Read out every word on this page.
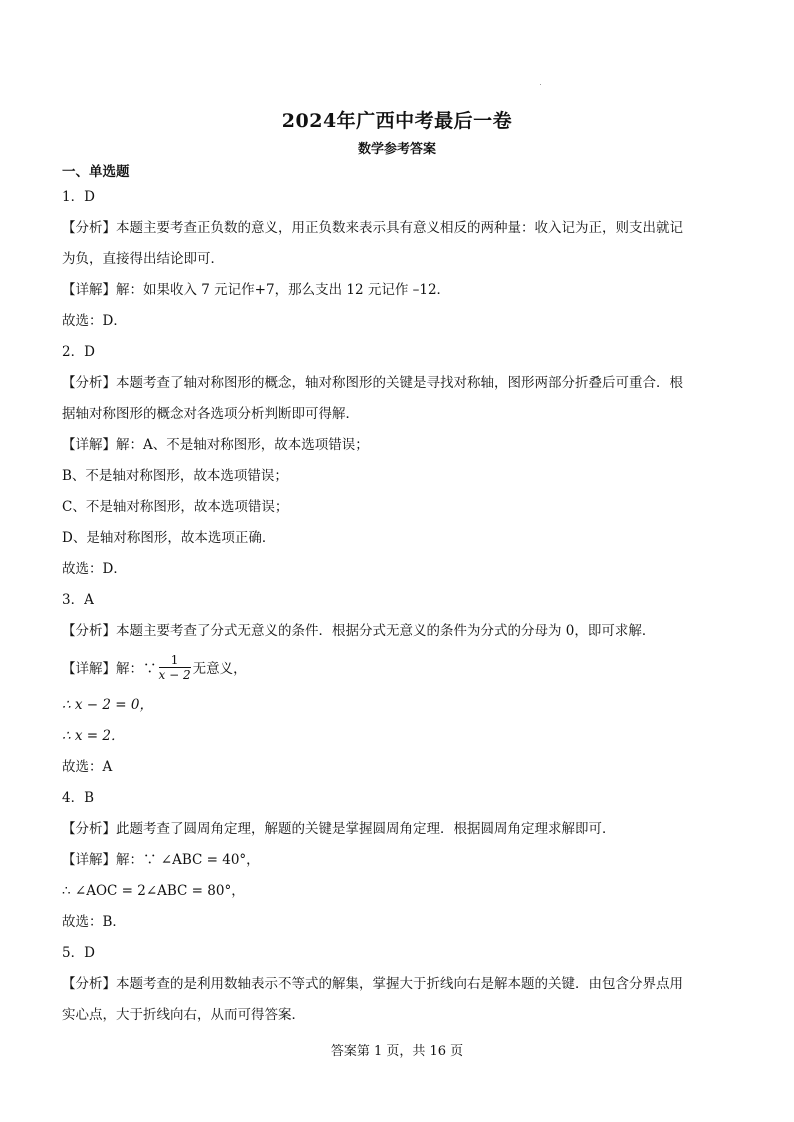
2024年广西中考最后一卷
数学参考答案
一、单选题
1．D
【分析】本题主要考查正负数的意义，用正负数来表示具有意义相反的两种量：收入记为正，则支出就记
为负，直接得出结论即可．
【详解】解：如果收入 7 元记作+7，那么支出 12 元记作 –12．
故选：D．
2．D
【分析】本题考查了轴对称图形的概念，轴对称图形的关键是寻找对称轴，图形两部分折叠后可重合．根
据轴对称图形的概念对各选项分析判断即可得解．
【详解】解：A、不是轴对称图形，故本选项错误；
B、不是轴对称图形，故本选项错误；
C、不是轴对称图形，故本选项错误；
D、是轴对称图形，故本选项正确．
故选：D．
3．A
【分析】本题主要考查了分式无意义的条件．根据分式无意义的条件为分式的分母为 0，即可求解．
【详解】解：∵ $\frac{1}{x - 2}$ 无意义，
∴ x − 2 = 0，
∴ x = 2．
故选：A
4．B
【分析】此题考查了圆周角定理，解题的关键是掌握圆周角定理．根据圆周角定理求解即可．
【详解】解：∵ ∠ABC = 40°，
∴ ∠AOC = 2∠ABC = 80°，
故选：B．
5．D
【分析】本题考查的是利用数轴表示不等式的解集，掌握大于折线向右是解本题的关键．由包含分界点用
实心点，大于折线向右，从而可得答案．
答案第 1 页，共 16 页
